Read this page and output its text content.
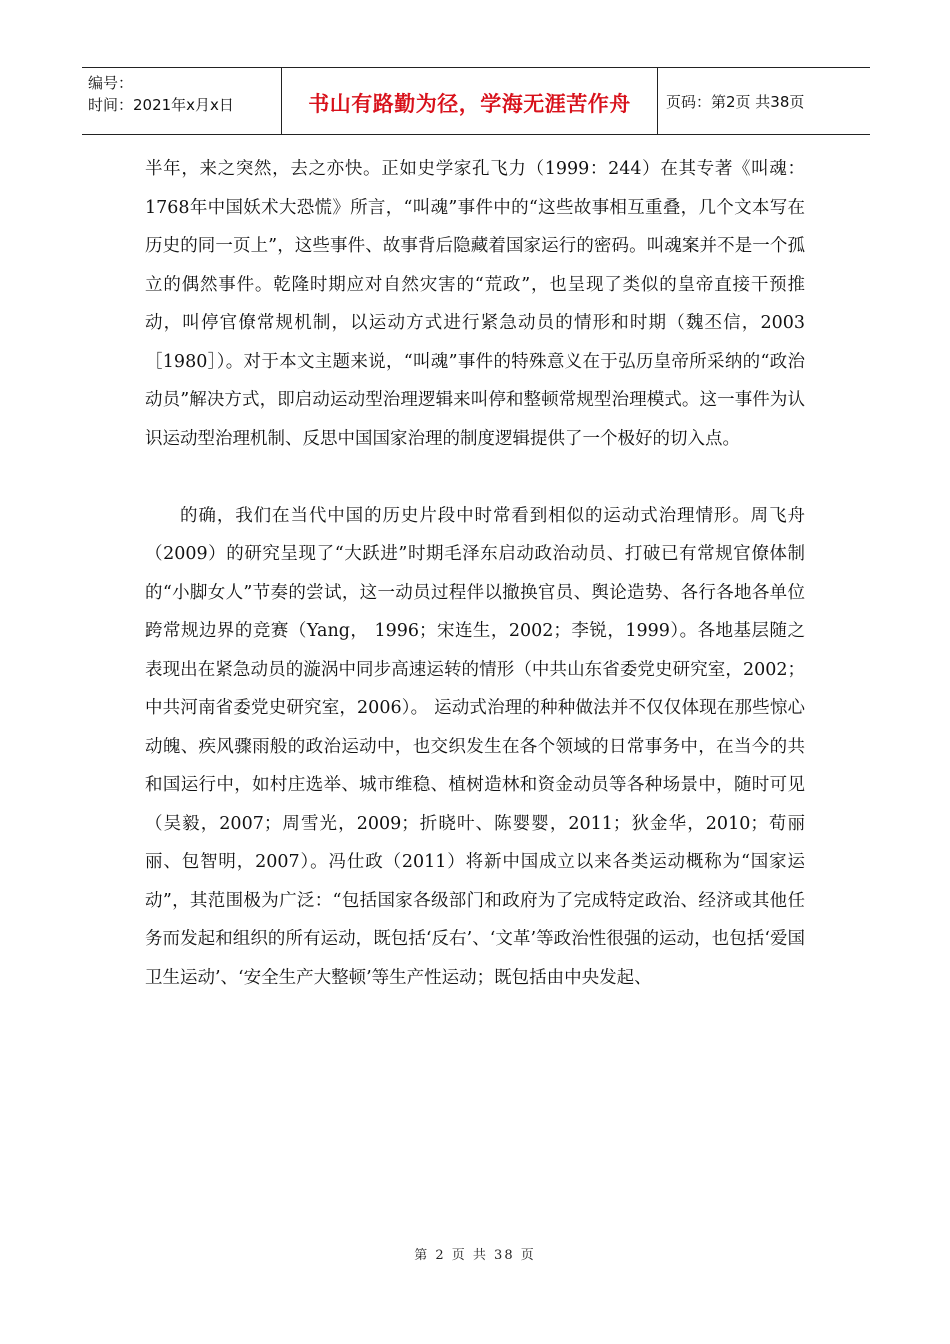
编号：
时间：2021年x月x日	书山有路勤为径，学海无涯苦作舟 页码：第2页 共38页

半年，来之突然，去之亦快。正如史学家孔飞力（1999：244）在其专著《叫魂：1768年中国妖术大恐慌》所言，“叫魂”事件中的“这些故事相互重叠，几个文本写在历史的同一页上”，这些事件、故事背后隐藏着国家运行的密码。叫魂案并不是一个孤立的偶然事件。乾隆时期应对自然灾害的“荒政”，也呈现了类似的皇帝直接干预推动，叫停官僚常规机制，以运动方式进行紧急动员的情形和时期（魏丕信，2003［1980］）。对于本文主题来说，“叫魂”事件的特殊意义在于弘历皇帝所采纳的“政治动员”解决方式，即启动运动型治理逻辑来叫停和整顿常规型治理模式。这一事件为认识运动型治理机制、反思中国国家治理的制度逻辑提供了一个极好的切入点。

的确，我们在当代中国的历史片段中时常看到相似的运动式治理情形。周飞舟（2009）的研究呈现了“大跃进”时期毛泽东启动政治动员、打破已有常规官僚体制的“小脚女人”节奏的尝试，这一动员过程伴以撤换官员、舆论造势、各行各地各单位跨常规边界的竞赛（Yang， 1996；宋连生，2002；李锐，1999）。各地基层随之表现出在紧急动员的漩涡中同步高速运转的情形（中共山东省委党史研究室，2002；中共河南省委党史研究室，2006）。 运动式治理的种种做法并不仅仅体现在那些惊心动魄、疾风骤雨般的政治运动中，也交织发生在各个领域的日常事务中，在当今的共和国运行中，如村庄选举、城市维稳、植树造林和资金动员等各种场景中，随时可见（吴毅，2007；周雪光，2009；折晓叶、陈婴婴，2011；狄金华，2010；荀丽丽、包智明，2007）。冯仕政（2011）将新中国成立以来各类运动概称为“国家运动”，其范围极为广泛：“包括国家各级部门和政府为了完成特定政治、经济或其他任务而发起和组织的所有运动，既包括‘反右’、‘文革’等政治性很强的运动，也包括‘爱国卫生运动’、‘安全生产大整顿’等生产性运动；既包括由中央发起、

第 2 页 共 38 页
